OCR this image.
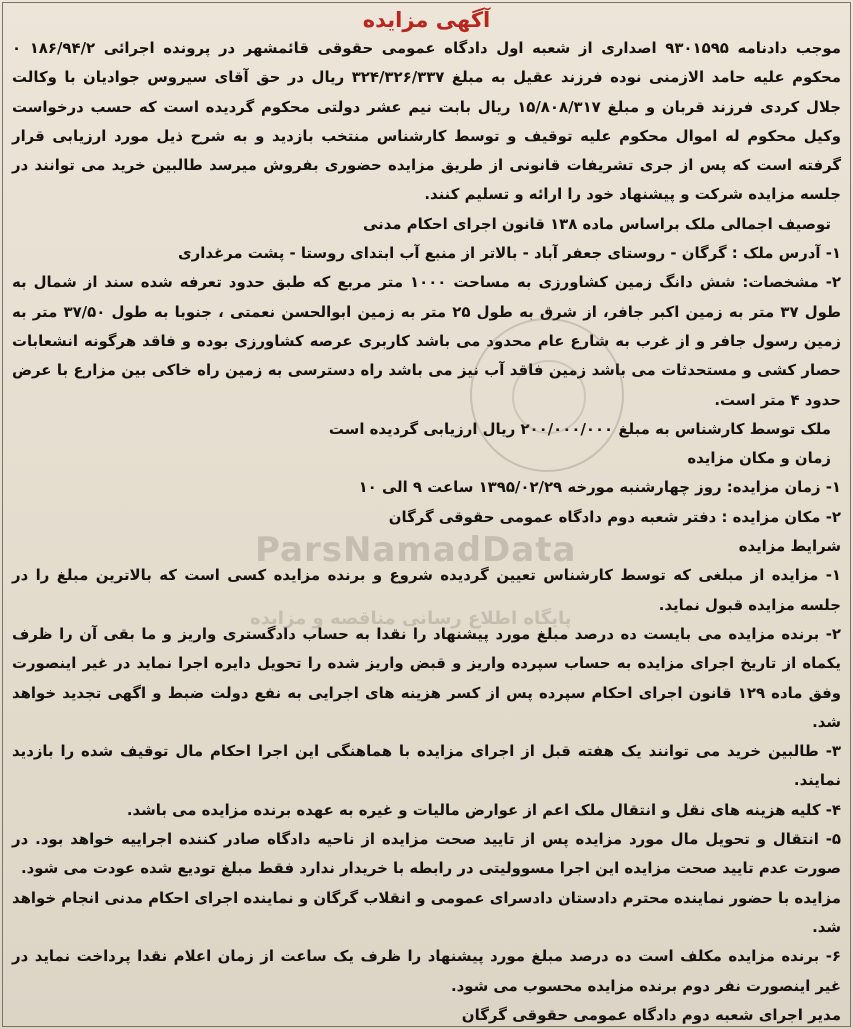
آگهی مزایده

موجب دادنامه ۹۳۰۱۵۹۵ اصداری از شعبه اول دادگاه عمومی حقوقی قائمشهر در پرونده اجرائی ۱۸۶/۹۴/۲ ۰ محکوم علیه حامد الازمنی نوده فرزند عقیل به مبلغ ۳۲۴/۳۲۶/۳۳۷ ریال در حق آقای سیروس جوادیان با وکالت جلال کردی فرزند قربان و مبلغ ۱۵/۸۰۸/۳۱۷ ریال بابت نیم عشر دولتی محکوم گردیده است که حسب درخواست وکیل محکوم له اموال محکوم علیه توقیف و توسط کارشناس منتخب بازدید و به شرح ذیل مورد ارزیابی قرار گرفته است که پس از جری تشریفات قانونی از طریق مزایده حضوری بفروش میرسد طالبین خرید می توانند در جلسه مزایده شرکت و پیشنهاد خود را ارائه و تسلیم کنند.

توصیف اجمالی ملک براساس ماده ۱۳۸ قانون اجرای احکام مدنی

۱- آدرس ملک : گرگان - روستای جعفر آباد - بالاتر از منبع آب ابتدای روستا - پشت مرغداری

۲- مشخصات: شش دانگ زمین کشاورزی به مساحت ۱۰۰۰ متر مربع که طبق حدود تعرفه شده سند از شمال به طول ۳۷ متر به زمین اکبر جافر، از شرق به طول ۲۵ متر به زمین ابوالحسن نعمتی ، جنوبا به طول ۳۷/۵۰ متر به زمین رسول جافر و از غرب به شارع عام محدود می باشد کاربری عرصه کشاورزی بوده و فاقد هرگونه انشعابات حصار کشی و مستحدثات می باشد زمین فاقد آب نیز می باشد راه دسترسی به زمین راه خاکی بین مزارع با عرض حدود ۴ متر است.

ملک توسط کارشناس به مبلغ ۲۰۰/۰۰۰/۰۰۰ ریال ارزیابی گردیده است

زمان و مکان مزایده

۱- زمان مزایده: روز چهارشنبه مورخه ۱۳۹۵/۰۲/۲۹ ساعت ۹ الی ۱۰

۲- مکان مزایده : دفتر شعبه دوم دادگاه عمومی حقوقی گرگان

شرایط مزایده

۱- مزایده از مبلغی که توسط کارشناس تعیین گردیده شروع و برنده مزایده کسی است که بالاترین مبلغ را در جلسه مزایده قبول نماید.

۲- برنده مزایده می بایست ده درصد مبلغ مورد پیشنهاد را نقدا به حساب دادگستری واریز و ما بقی آن را ظرف یکماه از تاریخ اجرای مزایده به حساب سپرده واریز و قبض واریز شده را تحویل دایره اجرا نماید در غیر اینصورت وفق ماده ۱۲۹ قانون اجرای احکام سپرده پس از کسر هزینه های اجرایی به نفع دولت ضبط و اگهی تجدید خواهد شد.

۳- طالبین خرید می توانند یک هفته قبل از اجرای مزایده با هماهنگی این اجرا احکام مال توقیف شده را بازدید نمایند.

۴- کلیه هزینه های نقل و انتقال ملک اعم از عوارض مالیات و غیره به عهده برنده مزایده می باشد.

۵- انتقال و تحویل مال مورد مزایده پس از تایید صحت مزایده از ناحیه دادگاه صادر کننده اجراییه خواهد بود. در صورت عدم تایید صحت مزایده این اجرا مسوولیتی در رابطه با خریدار ندارد فقط مبلغ تودیع شده عودت می شود.

مزایده با حضور نماینده محترم دادستان دادسرای عمومی و انقلاب گرگان و نماینده اجرای احکام مدنی انجام خواهد شد.

۶- برنده مزایده مکلف است ده درصد مبلغ مورد پیشنهاد را ظرف یک ساعت از زمان اعلام نقدا پرداخت نماید در غیر اینصورت نفر دوم برنده مزایده محسوب می شود.

مدیر اجرای شعبه دوم دادگاه عمومی حقوقی گرگان

ParsNamadData
پایگاه اطلاع رسانی مناقصه و مزایده
